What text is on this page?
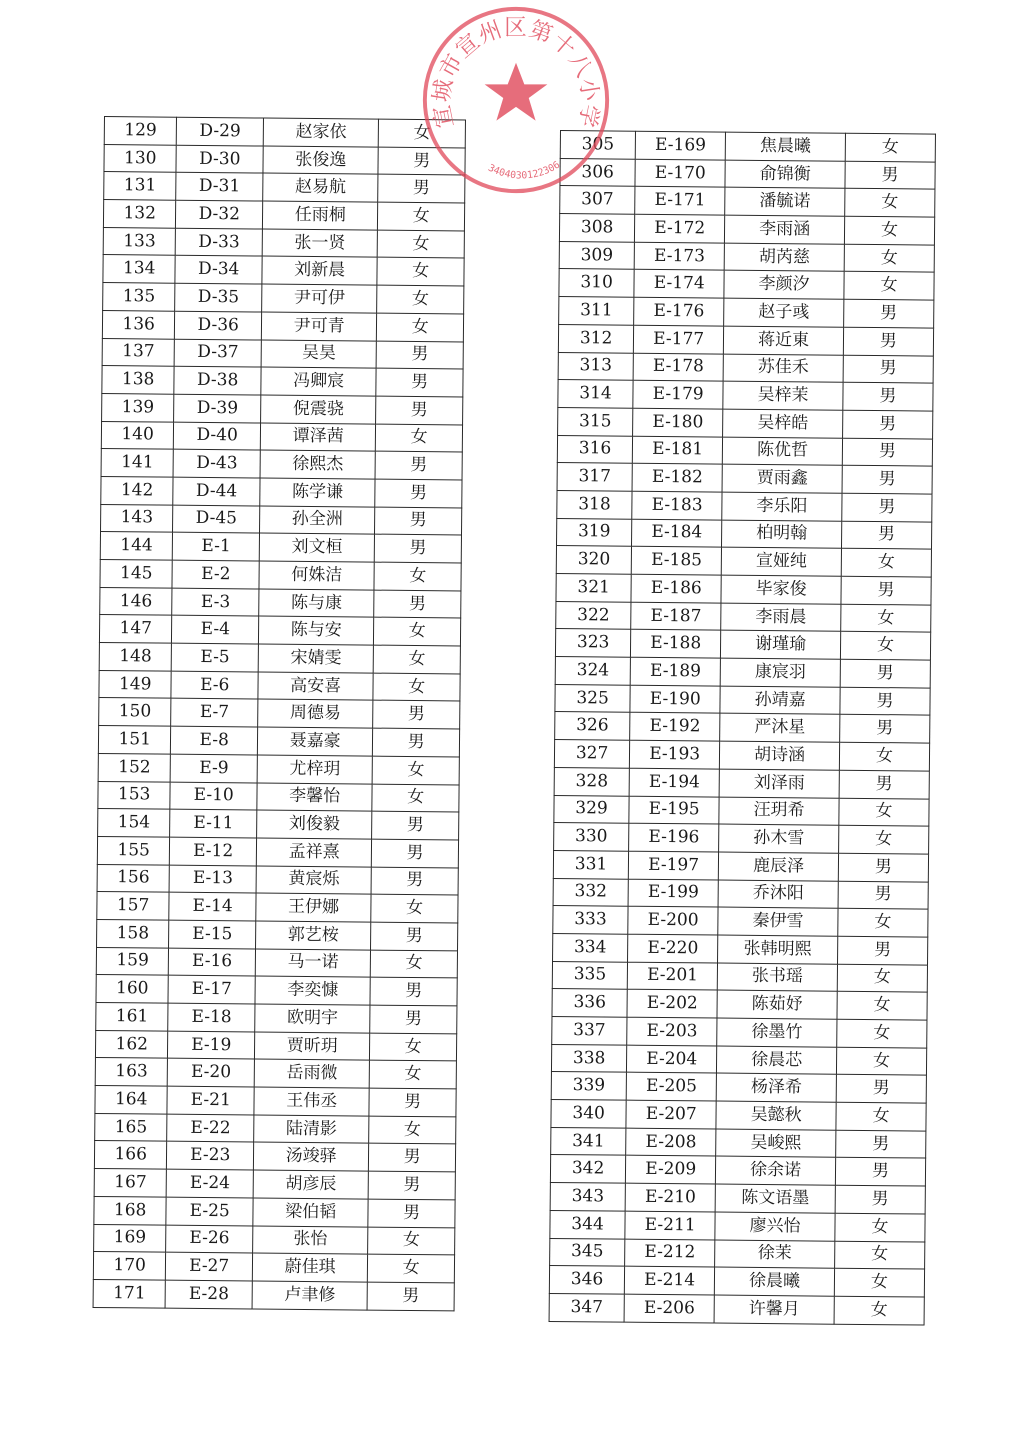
129	D-29	赵家依	女
130	D-30	张俊逸	男
131	D-31	赵易航	男
132	D-32	任雨桐	女
133	D-33	张一贤	女
134	D-34	刘新晨	女
135	D-35	尹可伊	女
136	D-36	尹可青	女
137	D-37	吴昊	男
138	D-38	冯卿宸	男
139	D-39	倪震骁	男
140	D-40	谭泽茜	女
141	D-43	徐熙杰	男
142	D-44	陈学谦	男
143	D-45	孙全洲	男
144	E-1	刘文桓	男
145	E-2	何姝洁	女
146	E-3	陈与康	男
147	E-4	陈与安	女
148	E-5	宋婧雯	女
149	E-6	高安喜	女
150	E-7	周德易	男
151	E-8	聂嘉豪	男
152	E-9	尤梓玥	女
153	E-10	李馨怡	女
154	E-11	刘俊毅	男
155	E-12	孟祥熹	男
156	E-13	黄宸烁	男
157	E-14	王伊娜	女
158	E-15	郭艺桉	男
159	E-16	马一诺	女
160	E-17	李奕慷	男
161	E-18	欧明宇	男
162	E-19	贾昕玥	女
163	E-20	岳雨微	女
164	E-21	王伟丞	男
165	E-22	陆清影	女
166	E-23	汤竣驿	男
167	E-24	胡彦辰	男
168	E-25	梁伯韬	男
169	E-26	张怡	女
170	E-27	蔚佳琪	女
171	E-28	卢聿修	男
305	E-169	焦晨曦	女
306	E-170	俞锦衡	男
307	E-171	潘毓诺	女
308	E-172	李雨涵	女
309	E-173	胡芮慈	女
310	E-174	李颜汐	女
311	E-176	赵子彧	男
312	E-177	蒋近東	男
313	E-178	苏佳禾	男
314	E-179	吴梓茉	男
315	E-180	吴梓皓	男
316	E-181	陈优哲	男
317	E-182	贾雨鑫	男
318	E-183	李乐阳	男
319	E-184	柏明翰	男
320	E-185	宣娅纯	女
321	E-186	毕家俊	男
322	E-187	李雨晨	女
323	E-188	谢瑾瑜	女
324	E-189	康宸羽	男
325	E-190	孙靖嘉	男
326	E-192	严沐星	男
327	E-193	胡诗涵	女
328	E-194	刘泽雨	男
329	E-195	汪玥希	女
330	E-196	孙木雪	女
331	E-197	鹿辰泽	男
332	E-199	乔沐阳	男
333	E-200	秦伊雪	女
334	E-220	张韩明熙	男
335	E-201	张书瑶	女
336	E-202	陈茹妤	女
337	E-203	徐墨竹	女
338	E-204	徐晨芯	女
339	E-205	杨泽希	男
340	E-207	吴懿秋	女
341	E-208	吴峻熙	男
342	E-209	徐余诺	男
343	E-210	陈文语墨	男
344	E-211	廖兴怡	女
345	E-212	徐茉	女
346	E-214	徐晨曦	女
347	E-206	许馨月	女
宣城市宣州区第十八小学
3404030122306
